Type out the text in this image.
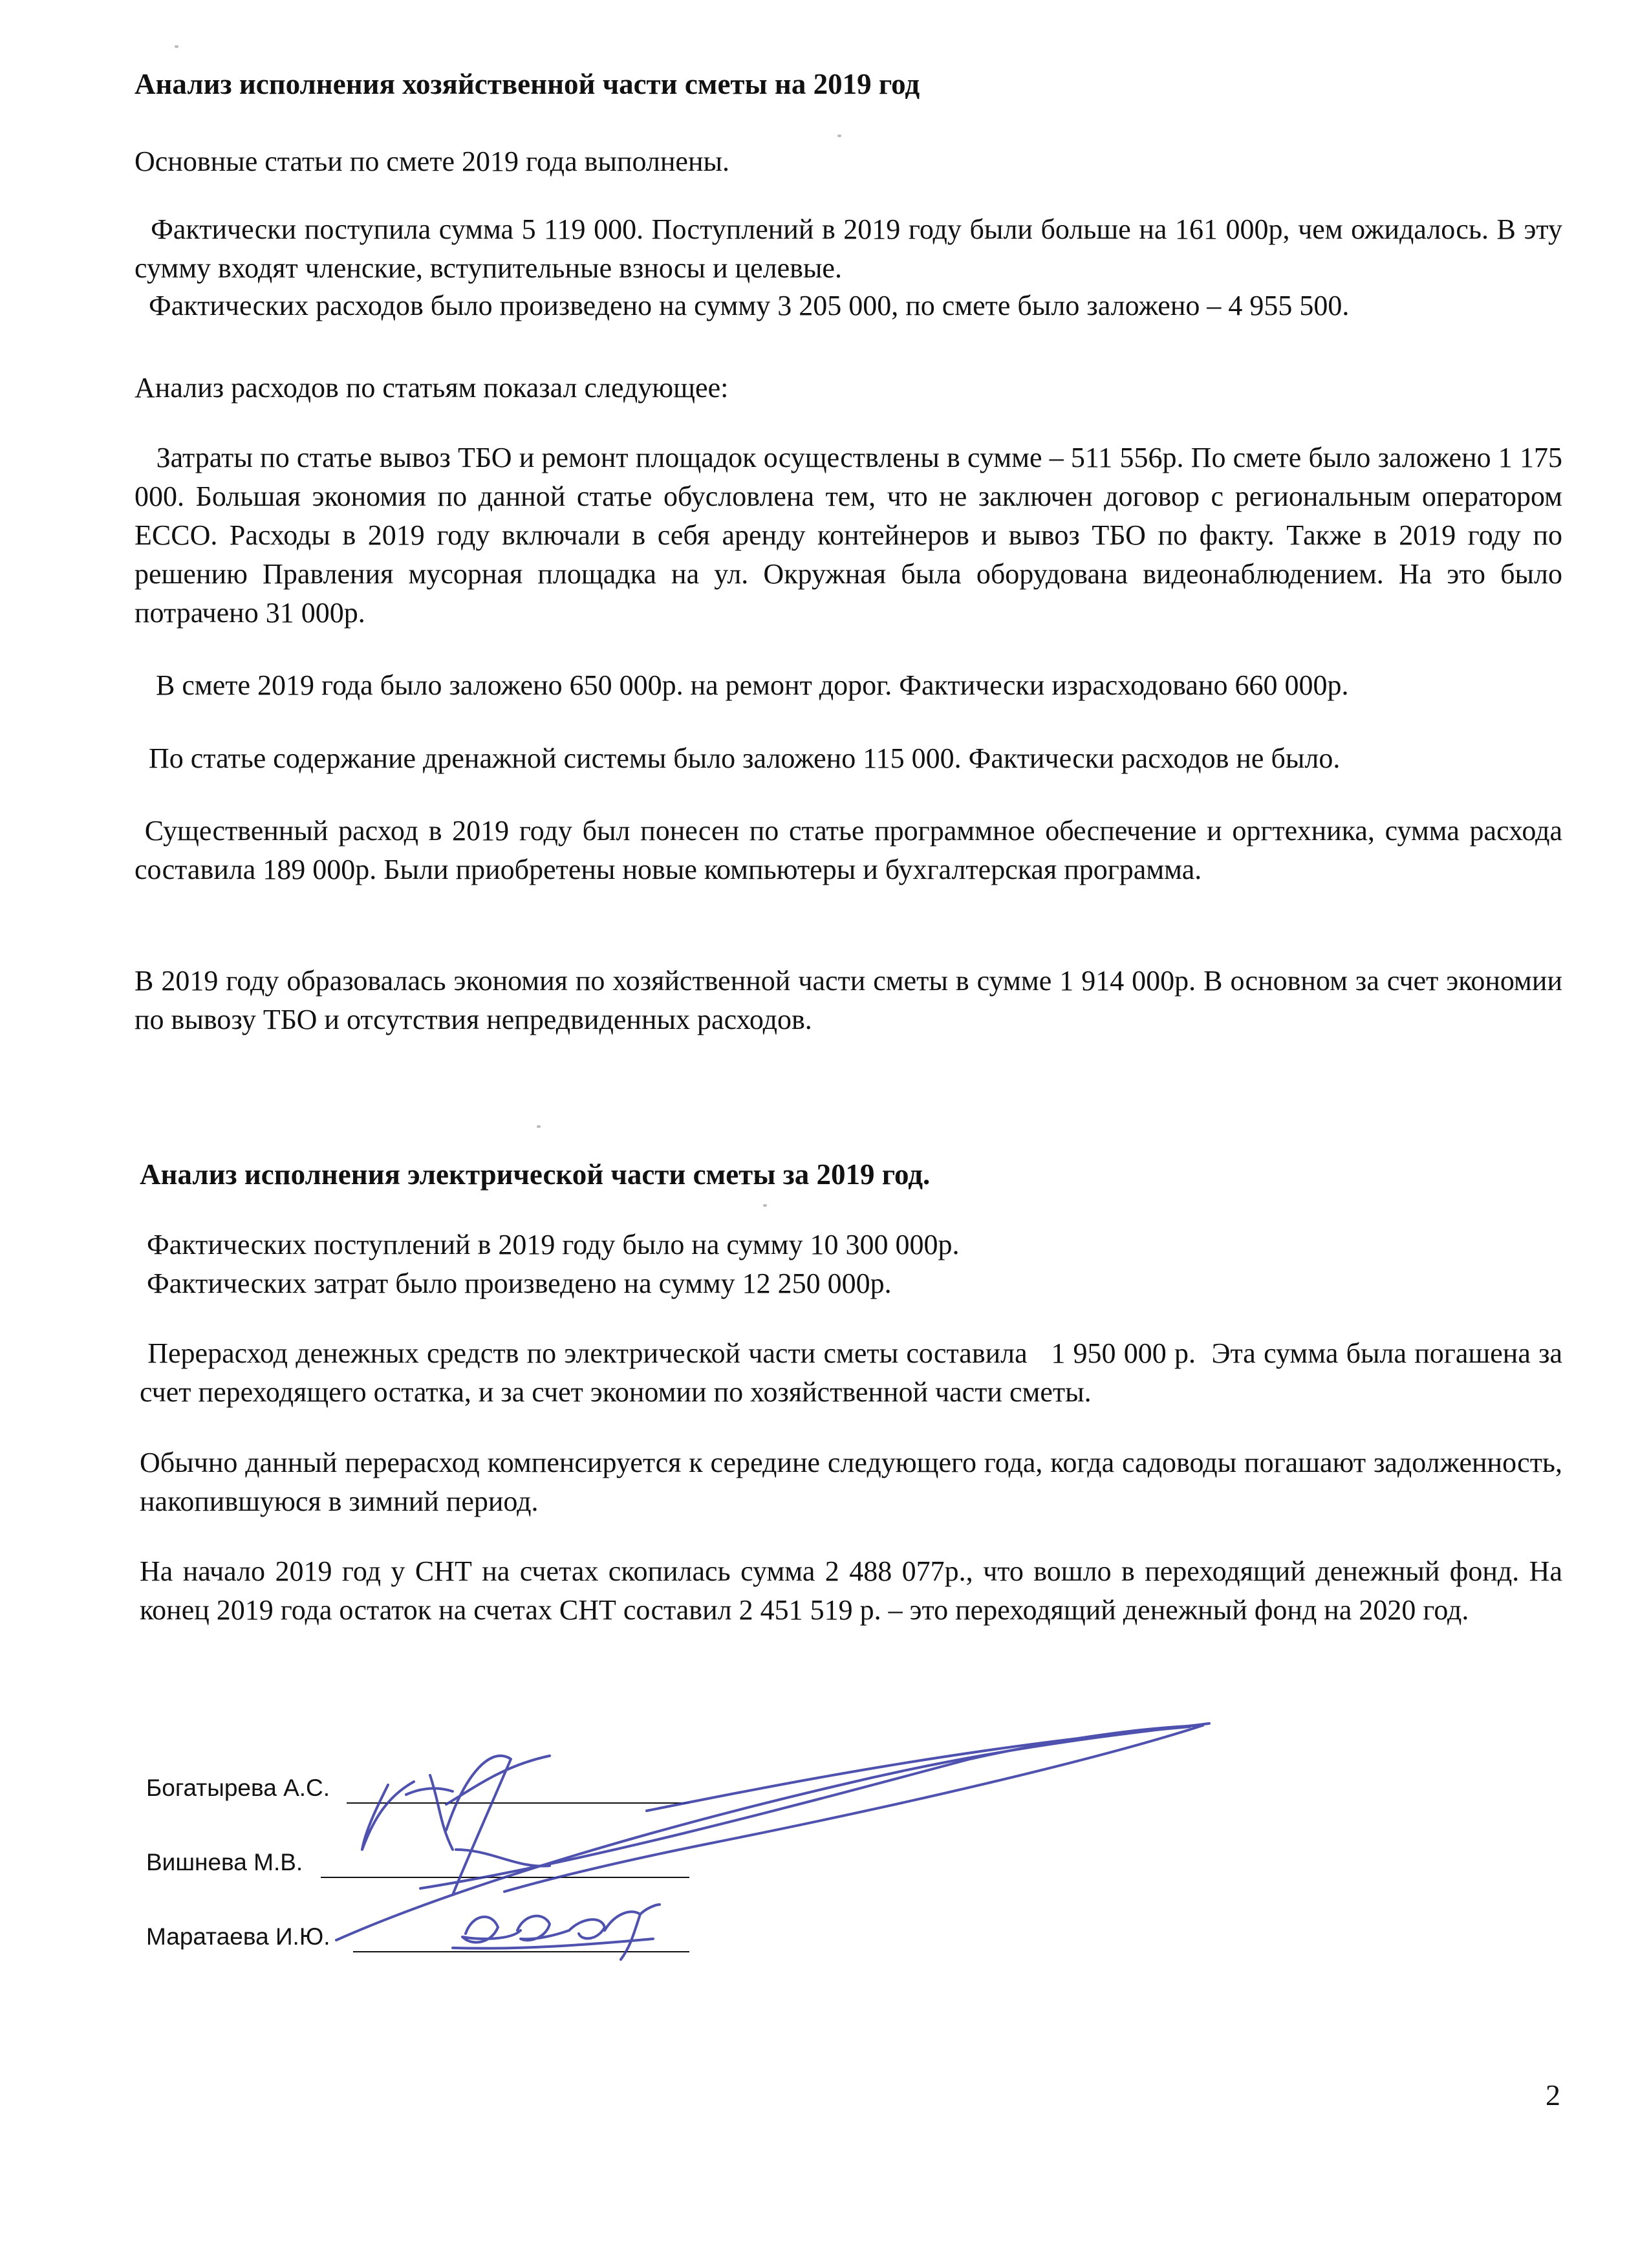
Анализ исполнения хозяйственной части сметы на 2019 год

Основные статьи по смете 2019 года выполнены.

Фактически поступила сумма 5 119 000. Поступлений в 2019 году были больше на 161 000р, чем ожидалось. В эту сумму входят членские, вступительные взносы и целевые.

Фактических расходов было произведено на сумму 3 205 000, по смете было заложено – 4 955 500.

Анализ расходов по статьям показал следующее:

Затраты по статье вывоз ТБО и ремонт площадок осуществлены в сумме – 511 556р. По смете было заложено 1 175 000. Большая экономия по данной статье обусловлена тем, что не заключен договор с региональным оператором ЕССО. Расходы в 2019 году включали в себя аренду контейнеров и вывоз ТБО по факту. Также в 2019 году по решению Правления мусорная площадка на ул. Окружная была оборудована видеонаблюдением. На это было потрачено 31 000р.

В смете 2019 года было заложено 650 000р. на ремонт дорог. Фактически израсходовано 660 000р.

По статье содержание дренажной системы было заложено 115 000. Фактически расходов не было.

Существенный расход в 2019 году был понесен по статье программное обеспечение и оргтехника, сумма расхода составила 189 000р. Были приобретены новые компьютеры и бухгалтерская программа.

В 2019 году образовалась экономия по хозяйственной части сметы в сумме 1 914 000р. В основном за счет экономии по вывозу ТБО и отсутствия непредвиденных расходов.

Анализ исполнения электрической части сметы за 2019 год.

Фактических поступлений в 2019 году было на сумму 10 300 000р.

Фактических затрат было произведено на сумму 12 250 000р.

Перерасход денежных средств по электрической части сметы составила   1 950 000 р.  Эта сумма была погашена за счет переходящего остатка, и за счет экономии по хозяйственной части сметы.

Обычно данный перерасход компенсируется к середине следующего года, когда садоводы погашают задолженность, накопившуюся в зимний период.

На начало 2019 год у СНТ на счетах скопилась сумма 2 488 077р., что вошло в переходящий денежный фонд. На конец 2019 года остаток на счетах СНТ составил 2 451 519 р. – это переходящий денежный фонд на 2020 год.

Богатырева А.С.
Вишнева М.В.
Маратаева И.Ю.
2
